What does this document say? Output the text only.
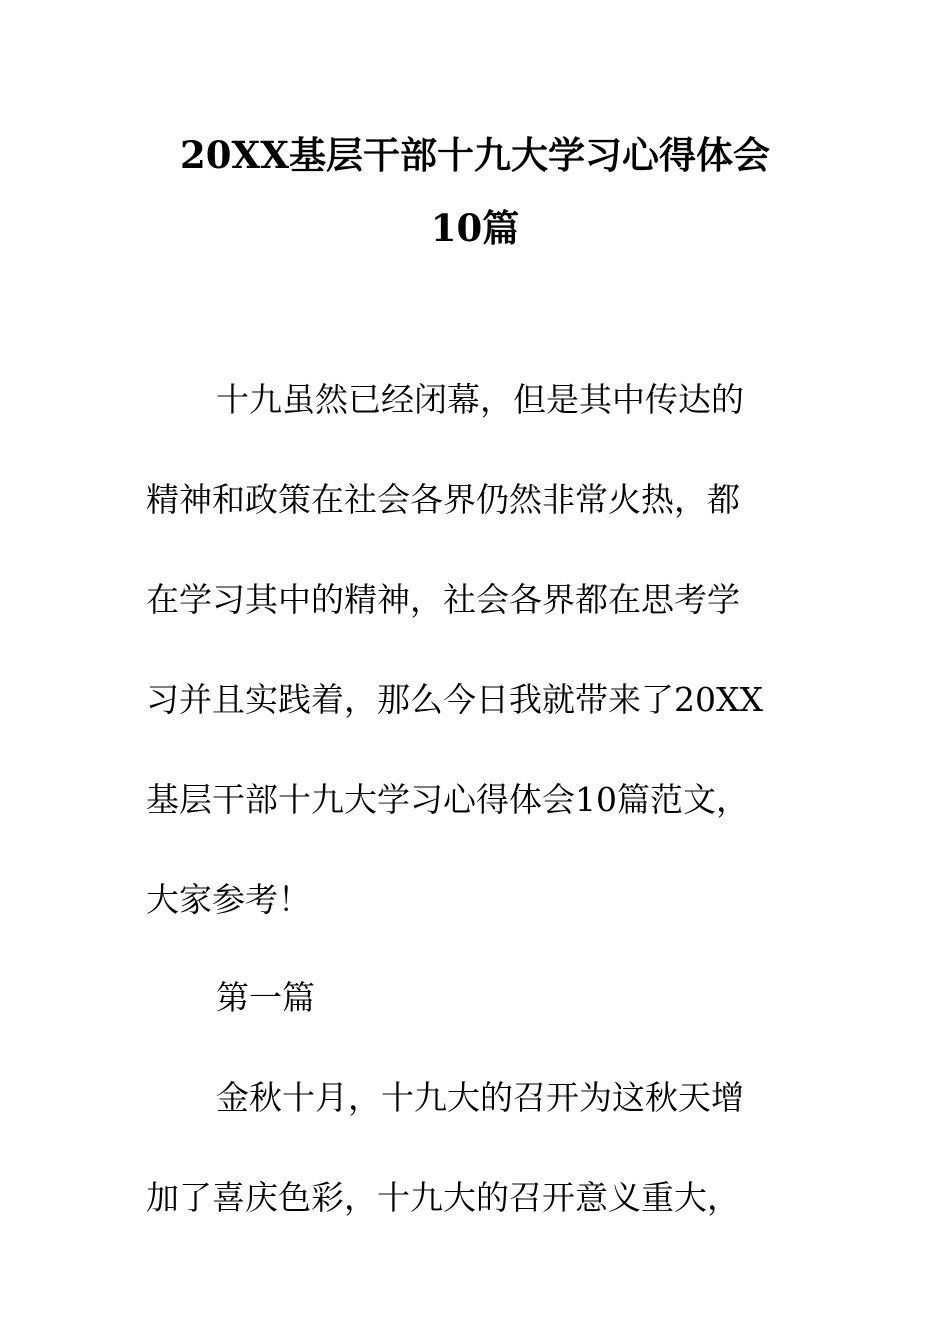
20XX基层干部十九大学习心得体会
10篇
十九虽然已经闭幕，但是其中传达的
精神和政策在社会各界仍然非常火热，都
在学习其中的精神，社会各界都在思考学
习并且实践着，那么今日我就带来了20XX
基层干部十九大学习心得体会10篇范文，
大家参考！
第一篇
金秋十月，十九大的召开为这秋天增
加了喜庆色彩，十九大的召开意义重大，
